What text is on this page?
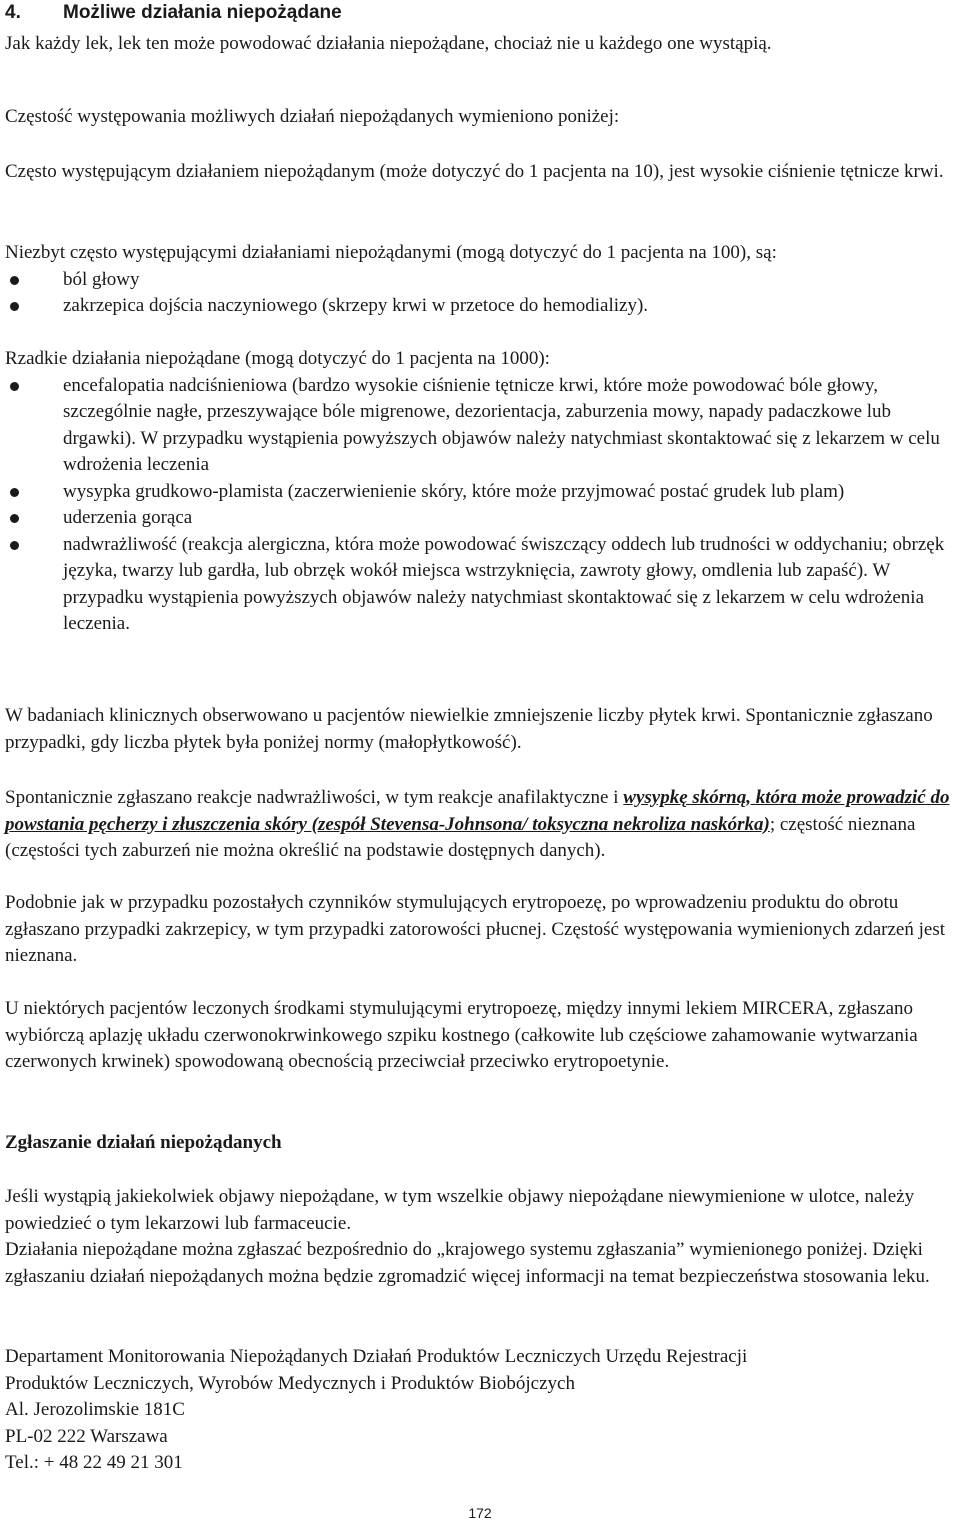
4. Możliwe działania niepożądane

Jak każdy lek, lek ten może powodować działania niepożądane, chociaż nie u każdego one wystąpią.

Częstość występowania możliwych działań niepożądanych wymieniono poniżej:

Często występującym działaniem niepożądanym (może dotyczyć do 1 pacjenta na 10), jest wysokie ciśnienie tętnicze krwi.

Niezbyt często występującymi działaniami niepożądanymi (mogą dotyczyć do 1 pacjenta na 100), są:

ból głowy
zakrzepica dojścia naczyniowego (skrzepy krwi w przetoce do hemodializy).

Rzadkie działania niepożądane (mogą dotyczyć do 1 pacjenta na 1000):

encefalopatia nadciśnieniowa (bardzo wysokie ciśnienie tętnicze krwi, które może powodować bóle głowy, szczególnie nagłe, przeszywające bóle migrenowe, dezorientacja, zaburzenia mowy, napady padaczkowe lub drgawki). W przypadku wystąpienia powyższych objawów należy natychmiast skontaktować się z lekarzem w celu wdrożenia leczenia
wysypka grudkowo-plamista (zaczerwienienie skóry, które może przyjmować postać grudek lub plam)
uderzenia gorąca
nadwrażliwość (reakcja alergiczna, która może powodować świszczący oddech lub trudności w oddychaniu; obrzęk języka, twarzy lub gardła, lub obrzęk wokół miejsca wstrzyknięcia, zawroty głowy, omdlenia lub zapaść). W przypadku wystąpienia powyższych objawów należy natychmiast skontaktować się z lekarzem w celu wdrożenia leczenia.

W badaniach klinicznych obserwowano u pacjentów niewielkie zmniejszenie liczby płytek krwi. Spontanicznie zgłaszano przypadki, gdy liczba płytek była poniżej normy (małopłytkowość).

Spontanicznie zgłaszano reakcje nadwrażliwości, w tym reakcje anafilaktyczne i wysypkę skórną, która może prowadzić do powstania pęcherzy i złuszczenia skóry (zespół Stevensa-Johnsona/ toksyczna nekroliza naskórka); częstość nieznana (częstości tych zaburzeń nie można określić na podstawie dostępnych danych).

Podobnie jak w przypadku pozostałych czynników stymulujących erytropoezę, po wprowadzeniu produktu do obrotu zgłaszano przypadki zakrzepicy, w tym przypadki zatorowości płucnej. Częstość występowania wymienionych zdarzeń jest nieznana.

U niektórych pacjentów leczonych środkami stymulującymi erytropoezę, między innymi lekiem MIRCERA, zgłaszano wybiórczą aplazję układu czerwonokrwinkowego szpiku kostnego (całkowite lub częściowe zahamowanie wytwarzania czerwonych krwinek) spowodowaną obecnością przeciwciał przeciwko erytropoetynie.

Zgłaszanie działań niepożądanych

Jeśli wystąpią jakiekolwiek objawy niepożądane, w tym wszelkie objawy niepożądane niewymienione w ulotce, należy powiedzieć o tym lekarzowi lub farmaceucie.

Działania niepożądane można zgłaszać bezpośrednio do „krajowego systemu zgłaszania” wymienionego poniżej. Dzięki zgłaszaniu działań niepożądanych można będzie zgromadzić więcej informacji na temat bezpieczeństwa stosowania leku.

Departament Monitorowania Niepożądanych Działań Produktów Leczniczych Urzędu Rejestracji

Produktów Leczniczych, Wyrobów Medycznych i Produktów Biobójczych

Al. Jerozolimskie 181C

PL-02 222 Warszawa

Tel.: + 48 22 49 21 301

172
